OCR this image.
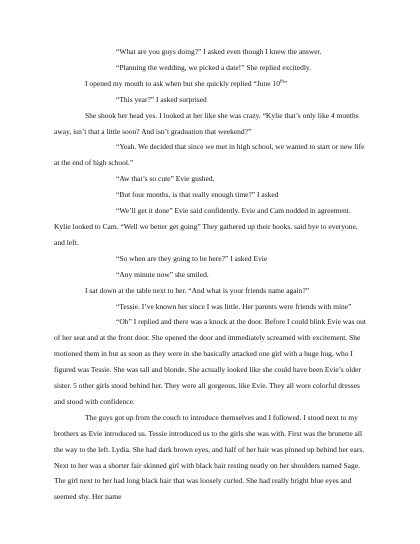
“What are you guys doing?” I asked even though I knew the answer.

“Planning the wedding, we picked a date!” She replied excitedly.

I opened my mouth to ask when but she quickly replied “June 10th”

“This year?” I asked surprised

She shook her head yes. I looked at her like she was crazy. “Kylie that’s only like 4 months away, isn’t that a little soon? And isn’t graduation that weekend?”

“Yeah. We decided that since we met in high school, we wanted to start or new life at the end of high school.”

“Aw that’s so cute” Evie gushed.

“But four months, is that really enough time?” I asked

“We’ll get it done” Evie said confidently. Evie and Cam nodded in agreement. Kylie looked to Cam. “Well we better get going” They gathered up their books, said bye to everyone, and left.

“So when are they going to be here?” I asked Evie

“Any minute now” she smiled.

I sat down at the table next to her. “And what is your friends name again?”

“Tessie. I’ve known her since I was little. Her parents were friends with mine”

“Oh” I replied and there was a knock at the door. Before I could blink Evie was out of her seat and at the front door. She opened the door and immediately screamed with excitement. She motioned them in but as soon as they were in she basically attacked one girl with a huge hug, who I figured was Tessie. She was tall and blonde. She actually looked like she could have been Evie’s older sister. 5 other girls stood behind her. They were all gorgeous, like Evie. They all wore colorful dresses and stood with confidence.

The guys got up from the couch to introduce themselves and I followed. I stood next to my brothers as Evie introduced us. Tessie introduced us to the girls she was with. First was the brunette all the way to the left. Lydia. She had dark brown eyes, and half of her hair was pinned up behind her ears. Next to her was a shorter fair skinned girl with black hair resting neatly on her shoulders named Sage. The girl next to her had long black hair that was loosely curled. She had really bright blue eyes and seemed shy. Her name
